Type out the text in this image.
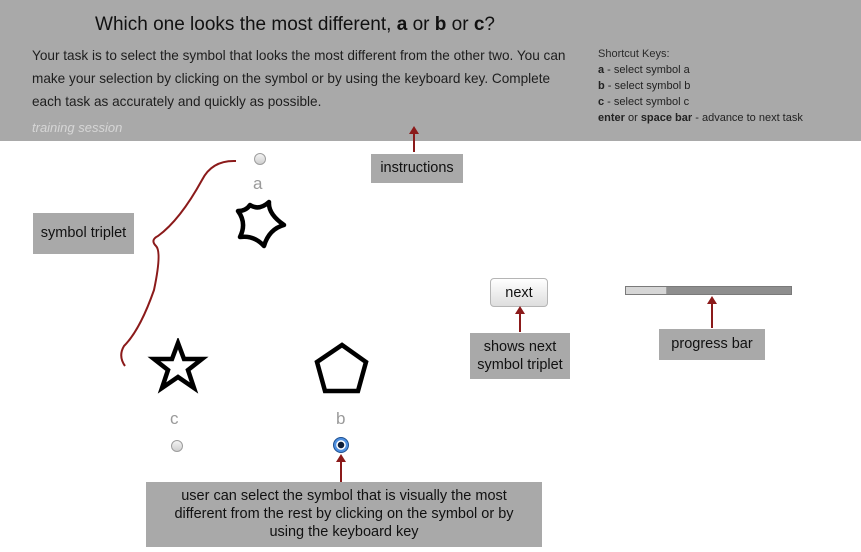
Which one looks the most different, a or b or c?
Your task is to select the symbol that looks the most different from the other two. You can make your selection by clicking on the symbol or by using the keyboard key. Complete each task as accurately and quickly as possible.
training session
Shortcut Keys:
a - select symbol a
b - select symbol b
c - select symbol c
enter or space bar - advance to next task
a
c	b
next
instructions
symbol triplet
shows next symbol triplet
progress bar
user can select the symbol that is visually the most different from the rest by clicking on the symbol or by using the keyboard key
